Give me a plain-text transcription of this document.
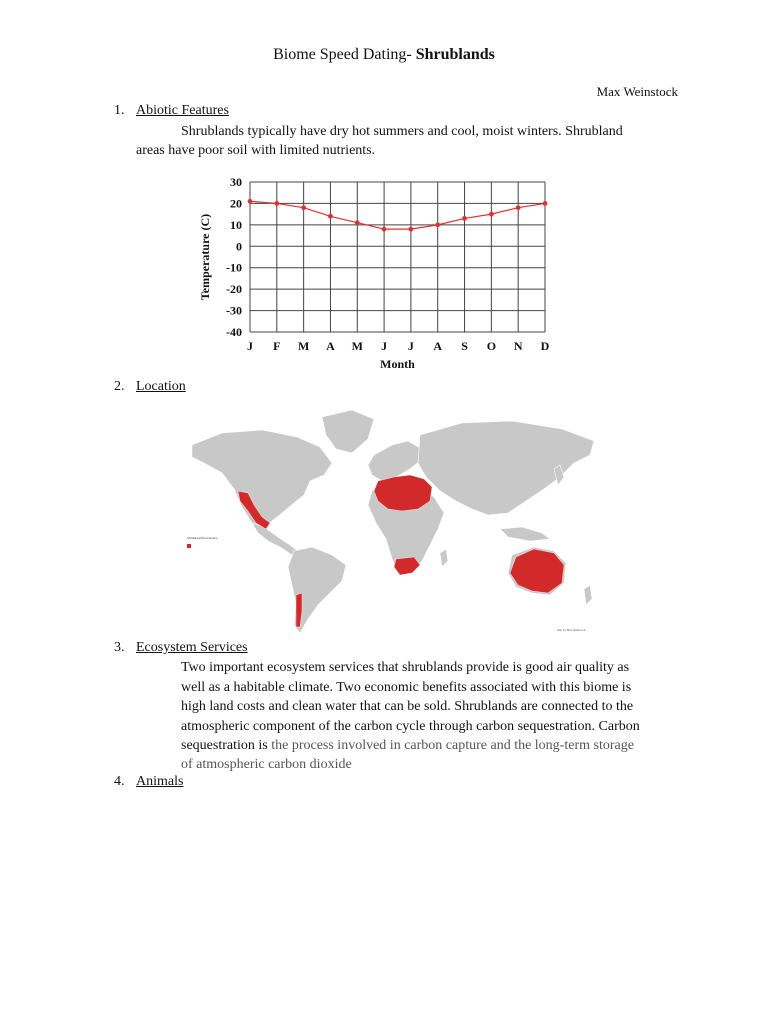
Biome Speed Dating- Shrublands
Max Weinstock
1. Abiotic Features
Shrublands typically have dry hot summers and cool, moist winters. Shrubland
areas have poor soil with limited nutrients.
30
20
10
0
-10
-20
-30
-40
J F M A M J J A S O N D
Month
Temperature (C)
2. Location
Shrubland Prevalence
map by Max Weinstock
3. Ecosystem Services
Two important ecosystem services that shrublands provide is good air quality as
well as a habitable climate. Two economic benefits associated with this biome is
high land costs and clean water that can be sold. Shrublands are connected to the
atmospheric component of the carbon cycle through carbon sequestration. Carbon
sequestration is the process involved in carbon capture and the long-term storage
of atmospheric carbon dioxide
4. Animals
